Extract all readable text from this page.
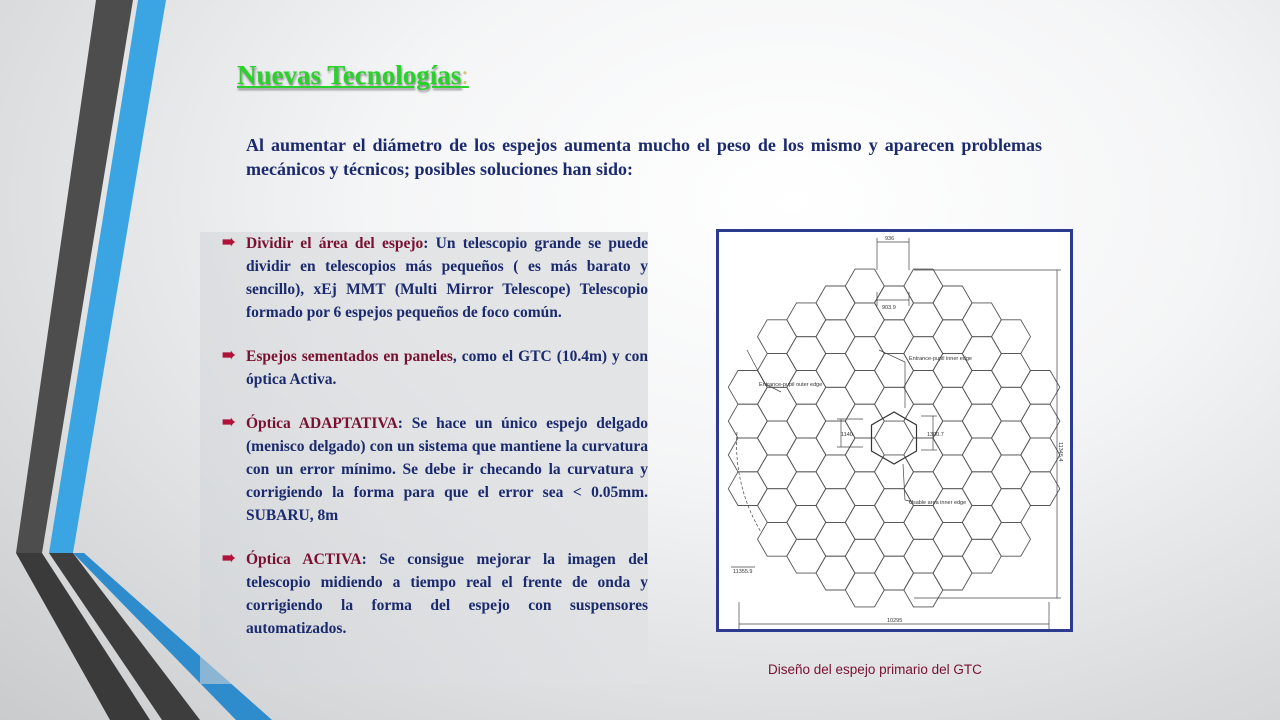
Nuevas Tecnologías:
Al aumentar el diámetro de los espejos aumenta mucho el peso de los mismo y aparecen problemas mecánicos y técnicos; posibles soluciones han sido:
➠ Dividir el área del espejo: Un telescopio grande se puede dividir en telescopios más pequeños ( es más barato y sencillo), xEj MMT (Multi Mirror Telescope) Telescopio formado por 6 espejos pequeños de foco común.
➠ Espejos sementados en paneles, como el GTC (10.4m) y con óptica Activa.
➠ Óptica ADAPTATIVA: Se hace un único espejo delgado (menisco delgado) con un sistema que mantiene la curvatura con un error mínimo. Se debe ir checando la curvatura y corrigiendo la forma para que el error sea < 0.05mm. SUBARU, 8m
➠ Óptica ACTIVA: Se consigue mejorar la imagen del telescopio midiendo a tiempo real el frente de onda y corrigiendo la forma del espejo con suspensores automatizados.
936
903.9
11345.4
10295
1140	1300.7
Entrance-pupil inner edge
Entrance-pupil outer edge
Usable area inner edge
11355.9
Diseño del espejo primario del GTC
